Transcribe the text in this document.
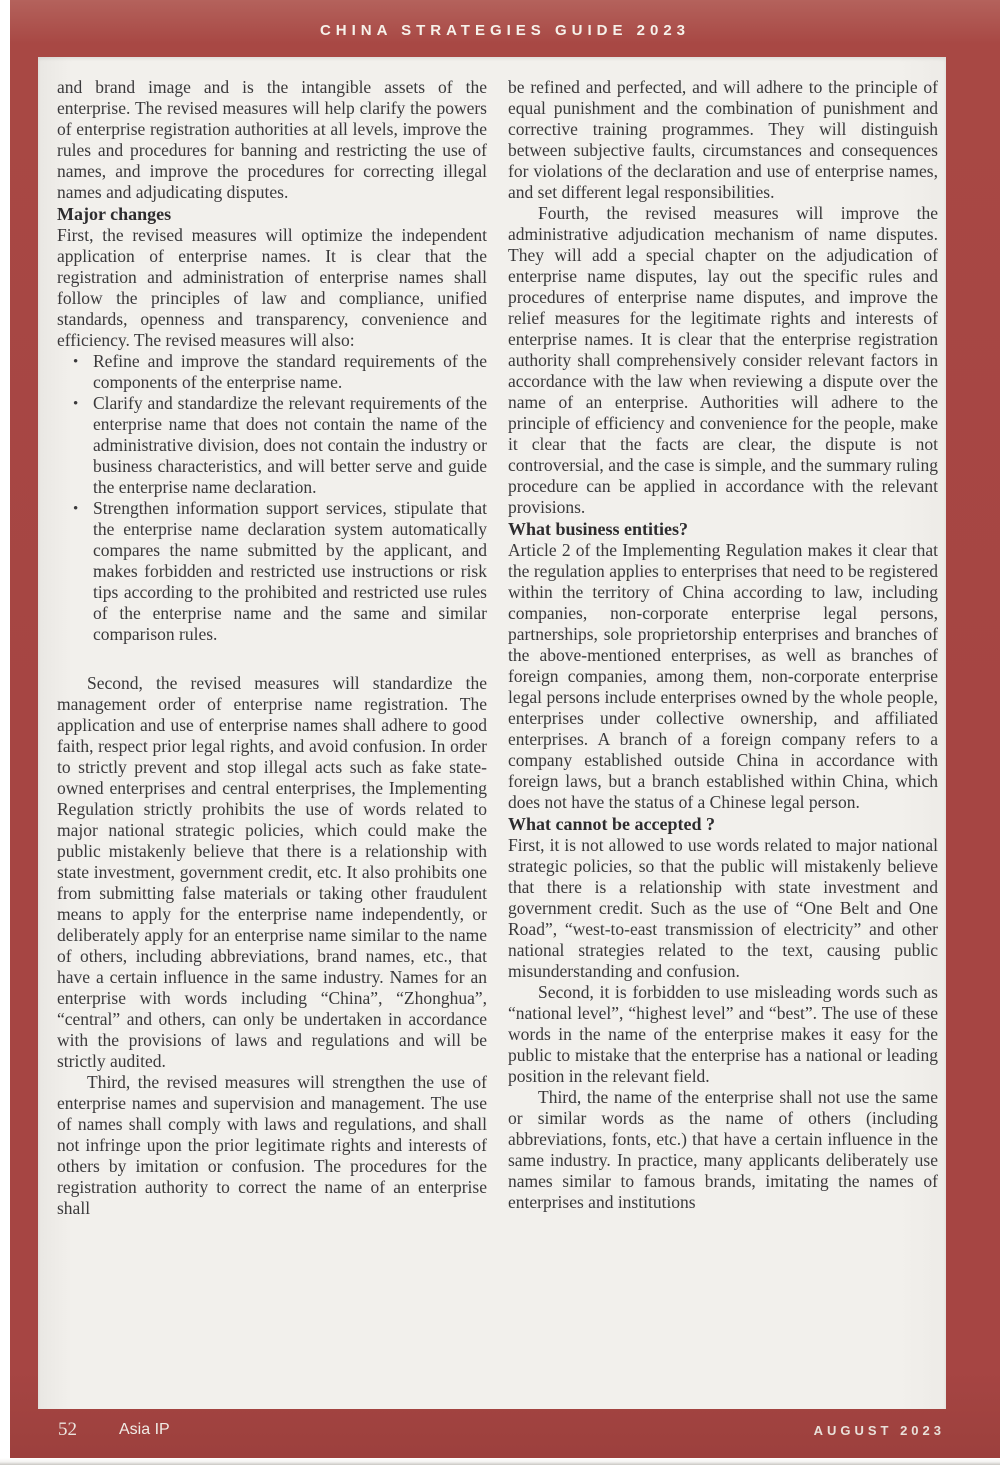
CHINA STRATEGIES GUIDE 2023

and brand image and is the intangible assets of the enterprise. The revised measures will help clarify the powers of enterprise registration authorities at all levels, improve the rules and procedures for banning and restricting the use of names, and improve the procedures for correcting illegal names and adjudicating disputes.

Major changes

First, the revised measures will optimize the independent application of enterprise names. It is clear that the registration and administration of enterprise names shall follow the principles of law and compliance, unified standards, openness and transparency, convenience and efficiency. The revised measures will also:

•
Refine and improve the standard requirements of the components of the enterprise name.
•
Clarify and standardize the relevant requirements of the enterprise name that does not contain the name of the administrative division, does not contain the industry or business characteristics, and will better serve and guide the enterprise name declaration.
•
Strengthen information support services, stipulate that the enterprise name declaration system automatically compares the name submitted by the applicant, and makes forbidden and restricted use instructions or risk tips according to the prohibited and restricted use rules of the enterprise name and the same and similar comparison rules.

Second, the revised measures will standardize the management order of enterprise name registration. The application and use of enterprise names shall adhere to good faith, respect prior legal rights, and avoid confusion. In order to strictly prevent and stop illegal acts such as fake state-owned enterprises and central enterprises, the Implementing Regulation strictly prohibits the use of words related to major national strategic policies, which could make the public mistakenly believe that there is a relationship with state investment, government credit, etc. It also prohibits one from submitting false materials or taking other fraudulent means to apply for the enterprise name independently, or deliberately apply for an enterprise name similar to the name of others, including abbreviations, brand names, etc., that have a certain influence in the same industry. Names for an enterprise with words including “China”, “Zhonghua”, “central” and others, can only be undertaken in accordance with the provisions of laws and regulations and will be strictly audited.

Third, the revised measures will strengthen the use of enterprise names and supervision and management. The use of names shall comply with laws and regulations, and shall not infringe upon the prior legitimate rights and interests of others by imitation or confusion. The procedures for the registration authority to correct the name of an enterprise shall

be refined and perfected, and will adhere to the principle of equal punishment and the combination of punishment and corrective training programmes. They will distinguish between subjective faults, circumstances and consequences for violations of the declaration and use of enterprise names, and set different legal responsibilities.

Fourth, the revised measures will improve the administrative adjudication mechanism of name disputes. They will add a special chapter on the adjudication of enterprise name disputes, lay out the specific rules and procedures of enterprise name disputes, and improve the relief measures for the legitimate rights and interests of enterprise names. It is clear that the enterprise registration authority shall comprehensively consider relevant factors in accordance with the law when reviewing a dispute over the name of an enterprise. Authorities will adhere to the principle of efficiency and convenience for the people, make it clear that the facts are clear, the dispute is not controversial, and the case is simple, and the summary ruling procedure can be applied in accordance with the relevant provisions.

What business entities?

Article 2 of the Implementing Regulation makes it clear that the regulation applies to enterprises that need to be registered within the territory of China according to law, including companies, non-corporate enterprise legal persons, partnerships, sole proprietorship enterprises and branches of the above-mentioned enterprises, as well as branches of foreign companies, among them, non-corporate enterprise legal persons include enterprises owned by the whole people, enterprises under collective ownership, and affiliated enterprises. A branch of a foreign company refers to a company established outside China in accordance with foreign laws, but a branch established within China, which does not have the status of a Chinese legal person.

What cannot be accepted ?

First, it is not allowed to use words related to major national strategic policies, so that the public will mistakenly believe that there is a relationship with state investment and government credit. Such as the use of “One Belt and One Road”, “west-to-east transmission of electricity” and other national strategies related to the text, causing public misunderstanding and confusion.

Second, it is forbidden to use misleading words such as “national level”, “highest level” and “best”. The use of these words in the name of the enterprise makes it easy for the public to mistake that the enterprise has a national or leading position in the relevant field.

Third, the name of the enterprise shall not use the same or similar words as the name of others (including abbreviations, fonts, etc.) that have a certain influence in the same industry. In practice, many applicants deliberately use names similar to famous brands, imitating the names of enterprises and institutions

52	Asia IP	AUGUST 2023
